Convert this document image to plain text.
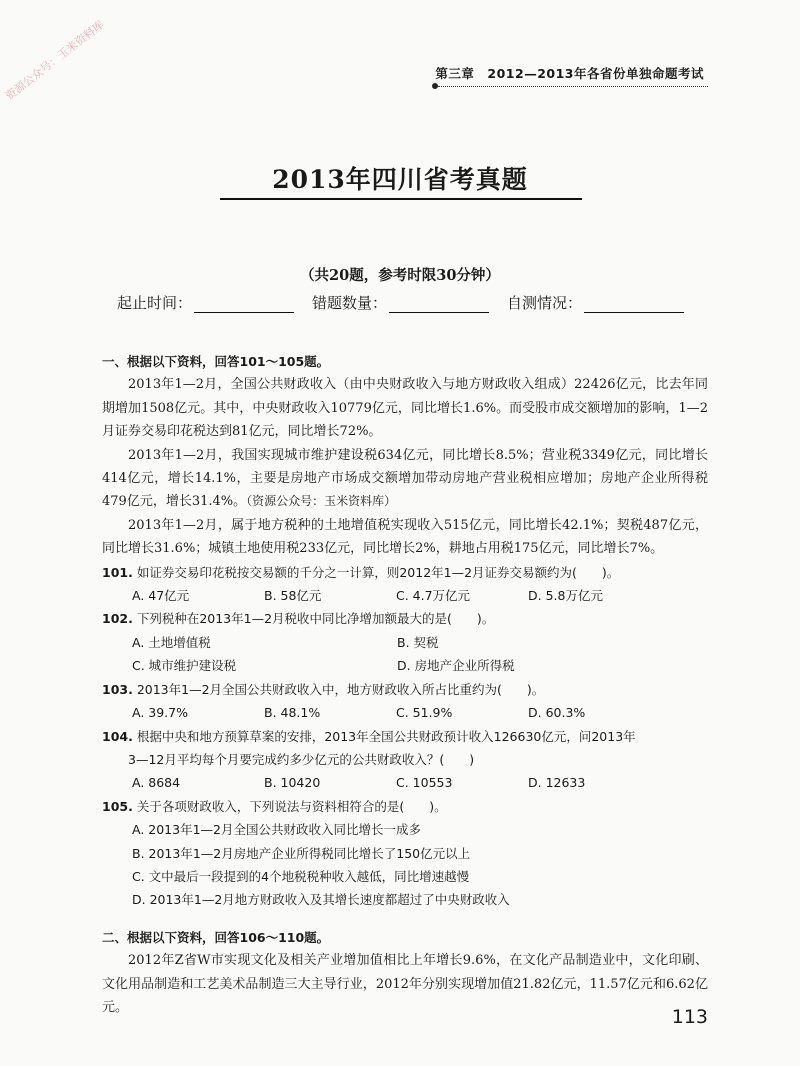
资源公众号：玉米资料库	第三章　2012—2013年各省份单独命题考试
2013年四川省考真题
（共20题，参考时限30分钟）
起止时间：	错题数量：	自测情况：
一、根据以下资料，回答101～105题。
2013年1—2月，全国公共财政收入（由中央财政收入与地方财政收入组成）22426亿元，比去年同期增加1508亿元。其中，中央财政收入10779亿元，同比增长1.6%。而受股市成交额增加的影响，1—2月证券交易印花税达到81亿元，同比增长72%。
2013年1—2月，我国实现城市维护建设税634亿元，同比增长8.5%；营业税3349亿元，同比增长414亿元，增长14.1%，主要是房地产市场成交额增加带动房地产营业税相应增加；房地产企业所得税479亿元，增长31.4%。（资源公众号：玉米资料库）
2013年1—2月，属于地方税种的土地增值税实现收入515亿元，同比增长42.1%；契税487亿元，同比增长31.6%；城镇土地使用税233亿元，同比增长2%，耕地占用税175亿元，同比增长7%。
101. 如证券交易印花税按交易额的千分之一计算，则2012年1—2月证券交易额约为(　　)。
A. 47亿元	B. 58亿元	C. 4.7万亿元	D. 5.8万亿元
102. 下列税种在2013年1—2月税收中同比净增加额最大的是(　　)。
A. 土地增值税	B. 契税
C. 城市维护建设税	D. 房地产企业所得税
103. 2013年1—2月全国公共财政收入中，地方财政收入所占比重约为(　　)。
A. 39.7%	B. 48.1%	C. 51.9%	D. 60.3%
104. 根据中央和地方预算草案的安排，2013年全国公共财政预计收入126630亿元，问2013年
3—12月平均每个月要完成约多少亿元的公共财政收入？(　　)
A. 8684	B. 10420	C. 10553	D. 12633
105. 关于各项财政收入，下列说法与资料相符合的是(　　)。
A. 2013年1—2月全国公共财政收入同比增长一成多
B. 2013年1—2月房地产企业所得税同比增长了150亿元以上
C. 文中最后一段提到的4个地税税种收入越低，同比增速越慢
D. 2013年1—2月地方财政收入及其增长速度都超过了中央财政收入
二、根据以下资料，回答106～110题。
2012年Z省W市实现文化及相关产业增加值相比上年增长9.6%，在文化产品制造业中，文化印刷、文化用品制造和工艺美术品制造三大主导行业，2012年分别实现增加值21.82亿元，11.57亿元和6.62亿元。	113
